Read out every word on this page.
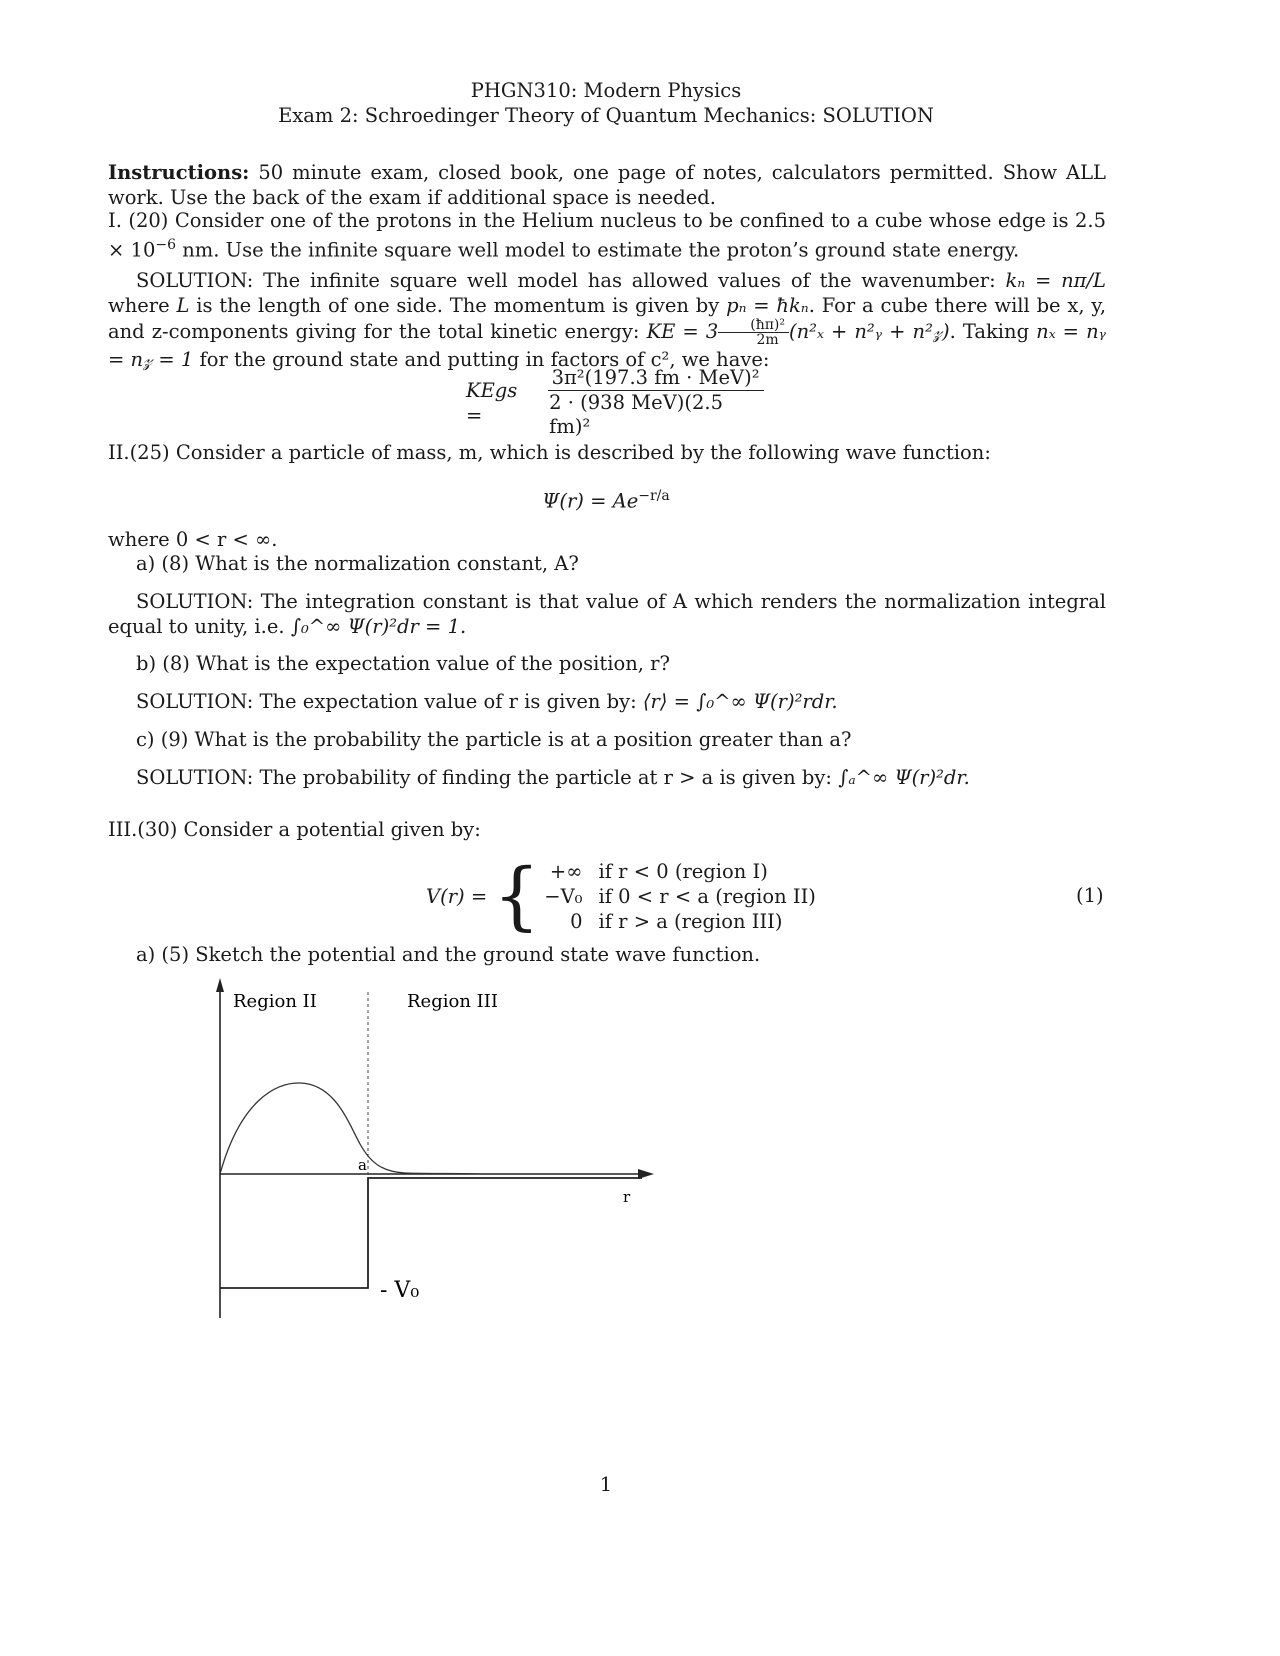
PHGN310: Modern Physics
Exam 2: Schroedinger Theory of Quantum Mechanics: SOLUTION
Instructions: 50 minute exam, closed book, one page of notes, calculators permitted. Show ALL work. Use the back of the exam if additional space is needed.
I. (20) Consider one of the protons in the Helium nucleus to be confined to a cube whose edge is $2.5 \times 10^{-6}$ nm. Use the infinite square well model to estimate the proton’s ground state energy.
SOLUTION: The infinite square well model has allowed values of the wavenumber: kₙ = nπ/L where L is the length of one side. The momentum is given by pₙ = ħkₙ. For a cube there will be x, y, and z-components giving for the total kinetic energy: KE = $3 \frac{\text{(ħπ)²}}{2m} (n^2_x$ + n²ᵧ + n²𝓏). Taking nₓ = nᵧ = n𝓏 = 1 for the ground state and putting in factors of c², we have:
KEgs =	$\frac{\text{3π²(197.3 fm · MeV)²}}{\text{2 · (938 MeV)(2.5 fm)²}}$
II.(25) Consider a particle of mass, m, which is described by the following wave function:
$\Psi(r) = Ae^{-r/a}$
where 0 < r < ∞.
a) (8) What is the normalization constant, A?
SOLUTION: The integration constant is that value of A which renders the normalization integral equal to unity, i.e. ∫₀^∞ Ψ(r)²dr = 1.
b) (8) What is the expectation value of the position, r?
SOLUTION: The expectation value of r is given by: ⟨r⟩ = ∫₀^∞ Ψ(r)²rdr.
c) (9) What is the probability the particle is at a position greater than a?
SOLUTION: The probability of finding the particle at r > a is given by: ∫ₐ^∞ Ψ(r)²dr.
III.(30) Consider a potential given by:
V(r) = { +∞ if r < 0 (region I)
−V₀ if 0 < r < a (region II)
0 if r > a (region III)
(1)
a) (5) Sketch the potential and the ground state wave function.
Region II	Region III
a
r
- V₀
1
